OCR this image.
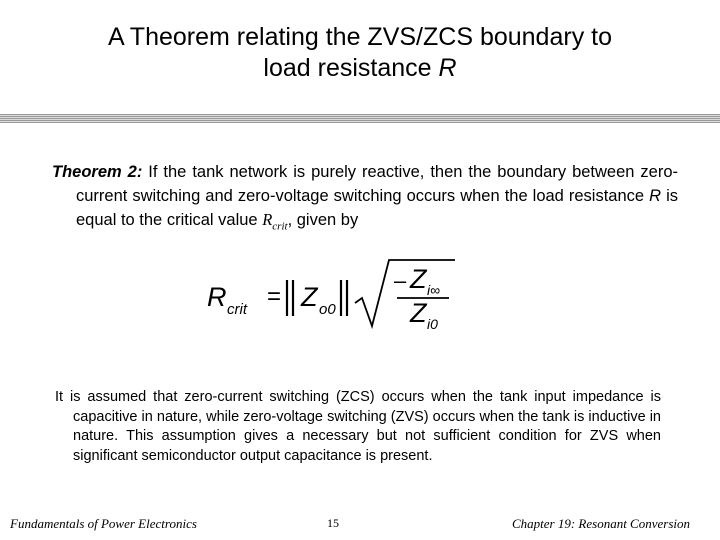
A Theorem relating the ZVS/ZCS boundary to
load resistance R

Theorem 2: If the tank network is purely reactive, then the boundary between zero-current switching and zero-voltage switching occurs when the load resistance R is equal to the critical value $R_{crit}$, given by

R crit = Z o0
– Z i∞
Z i0

It is assumed that zero-current switching (ZCS) occurs when the tank input impedance is capacitive in nature, while zero-voltage switching (ZVS) occurs when the tank is inductive in nature. This assumption gives a necessary but not sufficient condition for ZVS when significant semiconductor output capacitance is present.

Fundamentals of Power Electronics	15	Chapter 19: Resonant Conversion
